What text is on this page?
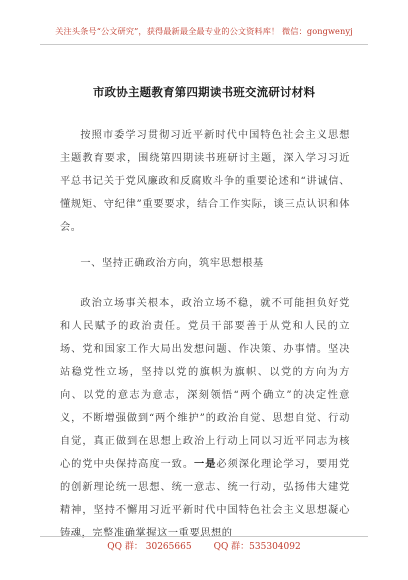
关注头条号“公文研究”，获得最新最全最专业的公文资料库！ 微信：gongwenyj
市政协主题教育第四期读书班交流研讨材料

按照市委学习贯彻习近平新时代中国特色社会主义思想主题教育要求，围绕第四期读书班研讨主题，深入学习习近平总书记关于党风廉政和反腐败斗争的重要论述和“讲诚信、懂规矩、守纪律”重要要求，结合工作实际，谈三点认识和体会。

一、坚持正确政治方向，筑牢思想根基

政治立场事关根本，政治立场不稳，就不可能担负好党和人民赋予的政治责任。党员干部要善于从党和人民的立场、党和国家工作大局出发想问题、作决策、办事情。坚决站稳党性立场，坚持以党的旗帜为旗帜、以党的方向为方向、以党的意志为意志，深刻领悟“两个确立”的决定性意义，不断增强做到“两个维护”的政治自觉、思想自觉、行动自觉，真正做到在思想上政治上行动上同以习近平同志为核心的党中央保持高度一致。一是必须深化理论学习，要用党的创新理论统一思想、统一意志、统一行动，弘扬伟大建党精神，坚持不懈用习近平新时代中国特色社会主义思想凝心铸魂，完整准确掌握这一重要思想的

QQ 群： 30265665 QQ 群：535304092
